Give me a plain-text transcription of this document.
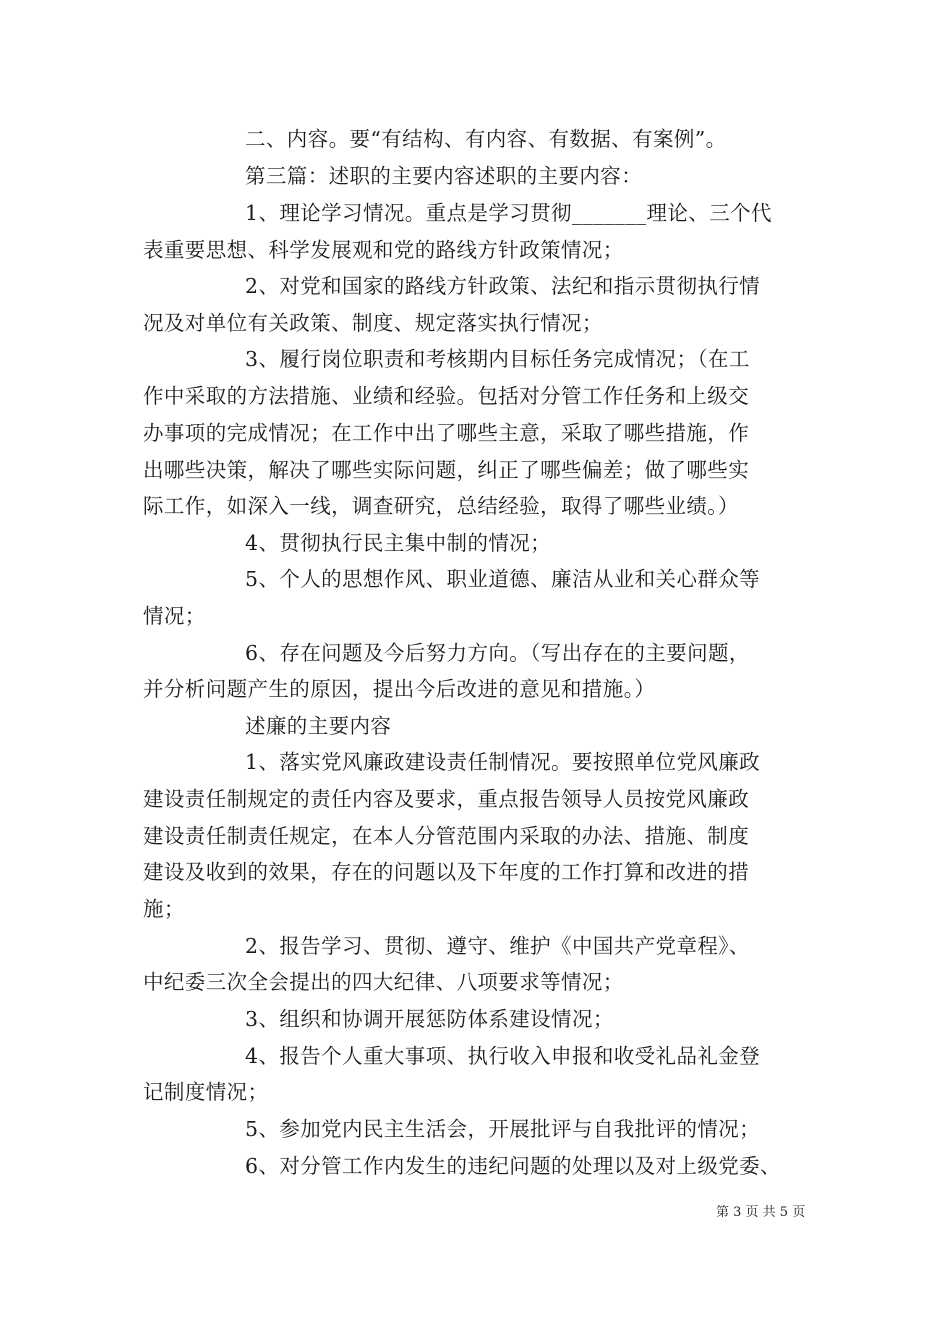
二、内容。要“有结构、有内容、有数据、有案例”。
第三篇：述职的主要内容述职的主要内容：
1、理论学习情况。重点是学习贯彻_______理论、三个代
表重要思想、科学发展观和党的路线方针政策情况；
2、对党和国家的路线方针政策、法纪和指示贯彻执行情
况及对单位有关政策、制度、规定落实执行情况；
3、履行岗位职责和考核期内目标任务完成情况；（在工
作中采取的方法措施、业绩和经验。包括对分管工作任务和上级交
办事项的完成情况；在工作中出了哪些主意，采取了哪些措施，作
出哪些决策，解决了哪些实际问题，纠正了哪些偏差；做了哪些实
际工作，如深入一线，调查研究，总结经验，取得了哪些业绩。）
4、贯彻执行民主集中制的情况；
5、个人的思想作风、职业道德、廉洁从业和关心群众等
情况；
6、存在问题及今后努力方向。（写出存在的主要问题，
并分析问题产生的原因，提出今后改进的意见和措施。）
述廉的主要内容
1、落实党风廉政建设责任制情况。要按照单位党风廉政
建设责任制规定的责任内容及要求，重点报告领导人员按党风廉政
建设责任制责任规定，在本人分管范围内采取的办法、措施、制度
建设及收到的效果，存在的问题以及下年度的工作打算和改进的措
施；
2、报告学习、贯彻、遵守、维护《中国共产党章程》、
中纪委三次全会提出的四大纪律、八项要求等情况；
3、组织和协调开展惩防体系建设情况；
4、报告个人重大事项、执行收入申报和收受礼品礼金登
记制度情况；
5、参加党内民主生活会，开展批评与自我批评的情况；
6、对分管工作内发生的违纪问题的处理以及对上级党委、
第 3 页 共 5 页
